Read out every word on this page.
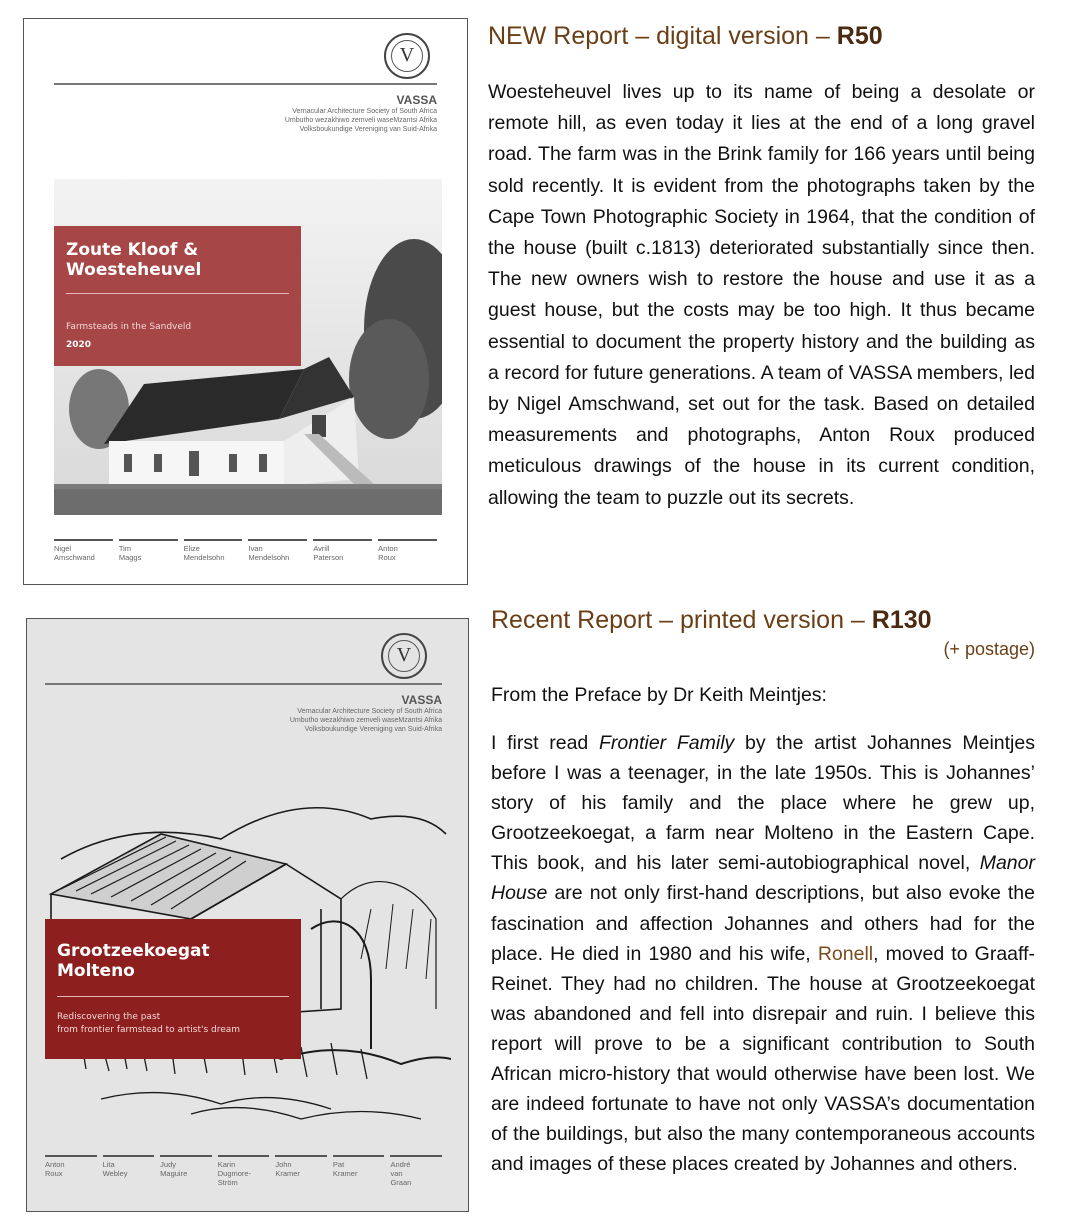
V
VASSA
Vernacular Architecture Society of South Africa
Umbutho wezakhiwo zemveli waseMzantsi Afrika
Volksboukundige Vereniging van Suid-Afrika
Zoute Kloof &
Woesteheuvel
Farmsteads in the Sandveld
2020
Nigel
Amschwand
Tim
Maggs
Elize
Mendelsohn
Ivan
Mendelsohn
Avrill
Paterson
Anton
Roux
NEW Report – digital version – R50
Woesteheuvel lives up to its name of being a desolate or remote hill, as even today it lies at the end of a long gravel road. The farm was in the Brink family for 166 years until being sold recently. It is evident from the photographs taken by the Cape Town Photographic Society in 1964, that the condition of the house (built c.1813) deteriorated substantially since then. The new owners wish to restore the house and use it as a guest house, but the costs may be too high. It thus became essential to document the property history and the building as a record for future generations. A team of VASSA members, led by Nigel Amschwand, set out for the task. Based on detailed measurements and photographs, Anton Roux produced meticulous drawings of the house in its current condition, allowing the team to puzzle out its secrets.
V
VASSA
Vernacular Architecture Society of South Africa
Umbutho wezakhiwo zemveli waseMzantsi Afrika
Volksboukundige Vereniging van Suid-Afrika
Grootzeekoegat
Molteno
Rediscovering the past
from frontier farmstead to artist's dream
Anton
Roux
Lita
Webley
Judy
Maguire
Karin
Dugmore-
Ström
John
Kramer
Pat
Kramer
André
van
Graan
Recent Report – printed version – R130
(+ postage)
From the Preface by Dr Keith Meintjes:
I first read Frontier Family by the artist Johannes Meintjes before I was a teenager, in the late 1950s. This is Johannes’ story of his family and the place where he grew up, Grootzeekoegat, a farm near Molteno in the Eastern Cape. This book, and his later semi-autobiographical novel, Manor House are not only first-hand descriptions, but also evoke the fascination and affection Johannes and others had for the place. He died in 1980 and his wife, Ronell, moved to Graaff-Reinet. They had no children. The house at Grootzeekoegat was abandoned and fell into disrepair and ruin. I believe this report will prove to be a significant contribution to South African micro-history that would otherwise have been lost. We are indeed fortunate to have not only VASSA’s documentation of the buildings, but also the many contemporaneous accounts and images of these places created by Johannes and others.
